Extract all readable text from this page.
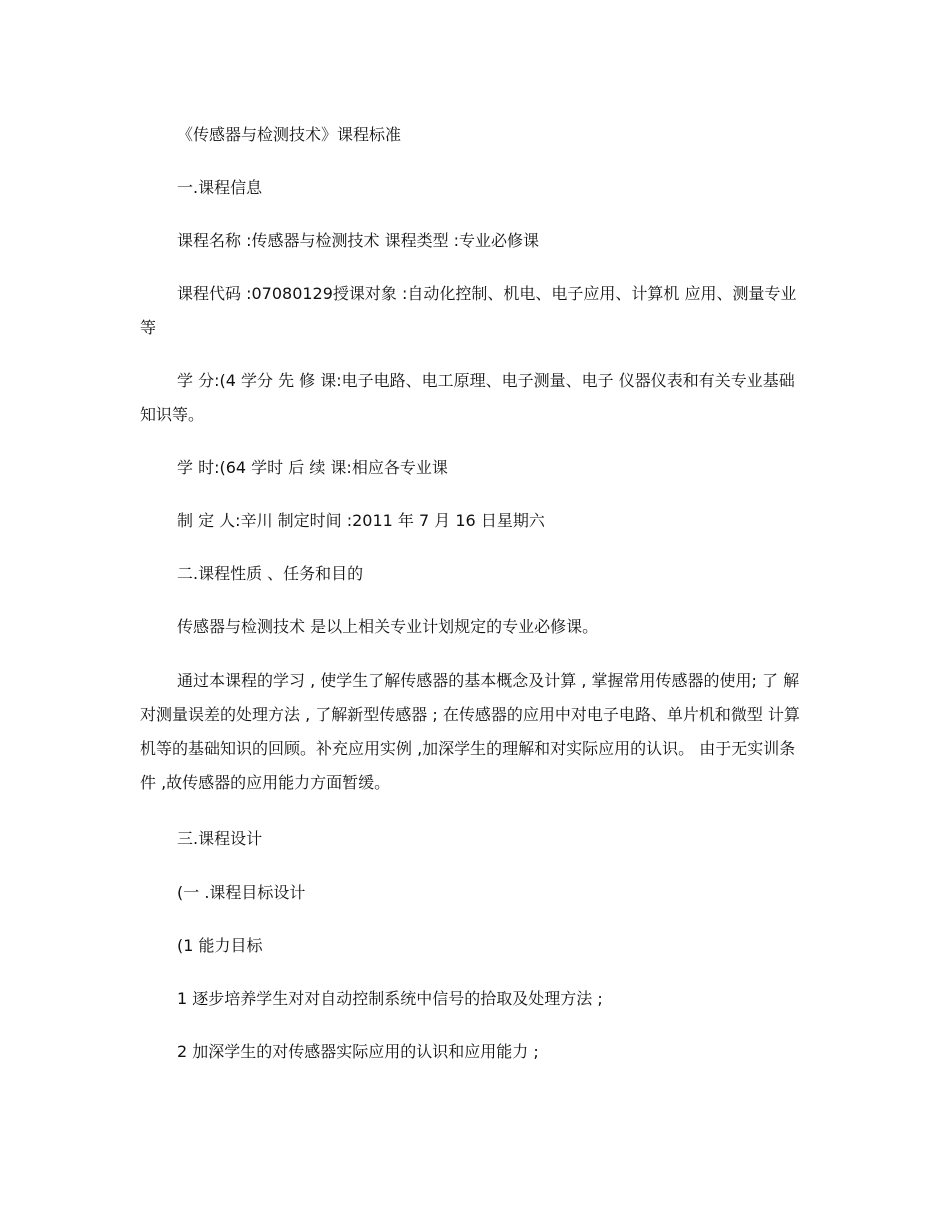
《传感器与检测技术》课程标准

一.课程信息

课程名称 :传感器与检测技术 课程类型 :专业必修课

课程代码 :07080129授课对象 :自动化控制、机电、电子应用、计算机 应用、测量专业等

学 分:(4 学分 先 修 课:电子电路、电工原理、电子测量、电子 仪器仪表和有关专业基础知识等。

学 时:(64 学时 后 续 课:相应各专业课

制 定 人:辛川 制定时间 :2011 年 7 月 16 日星期六

二.课程性质 、任务和目的

传感器与检测技术 是以上相关专业计划规定的专业必修课。

通过本课程的学习 , 使学生了解传感器的基本概念及计算 , 掌握常用传感器的使用; 了 解对测量误差的处理方法 , 了解新型传感器 ; 在传感器的应用中对电子电路、单片机和微型 计算机等的基础知识的回顾。补充应用实例 ,加深学生的理解和对实际应用的认识。 由于无实训条件 ,故传感器的应用能力方面暂缓。

三.课程设计

(一 .课程目标设计

(1 能力目标

1 逐步培养学生对对自动控制系统中信号的拾取及处理方法 ;

2 加深学生的对传感器实际应用的认识和应用能力 ;
